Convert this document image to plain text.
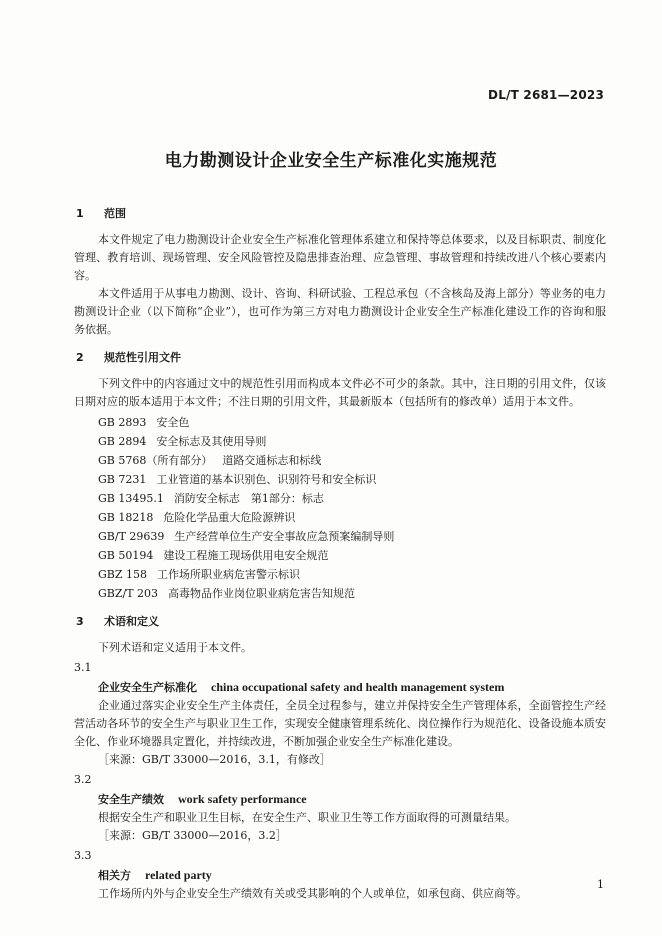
DL/T 2681—2023
电力勘测设计企业安全生产标准化实施规范
1 范围

本文件规定了电力勘测设计企业安全生产标准化管理体系建立和保持等总体要求，以及目标职责、制度化管理、教育培训、现场管理、安全风险管控及隐患排查治理、应急管理、事故管理和持续改进八个核心要素内容。

本文件适用于从事电力勘测、设计、咨询、科研试验、工程总承包（不含核岛及海上部分）等业务的电力勘测设计企业（以下简称“企业”），也可作为第三方对电力勘测设计企业安全生产标准化建设工作的咨询和服务依据。

2 规范性引用文件

下列文件中的内容通过文中的规范性引用而构成本文件必不可少的条款。其中，注日期的引用文件，仅该日期对应的版本适用于本文件；不注日期的引用文件，其最新版本（包括所有的修改单）适用于本文件。

GB 2893 安全色
GB 2894 安全标志及其使用导则
GB 5768（所有部分） 道路交通标志和标线
GB 7231 工业管道的基本识别色、识别符号和安全标识
GB 13495.1 消防安全标志　第1部分：标志
GB 18218 危险化学品重大危险源辨识
GB/T 29639 生产经营单位生产安全事故应急预案编制导则
GB 50194 建设工程施工现场供用电安全规范
GBZ 158 工作场所职业病危害警示标识
GBZ/T 203 高毒物品作业岗位职业病危害告知规范
3 术语和定义

下列术语和定义适用于本文件。

3.1
企业安全生产标准化 china occupational safety and health management system

企业通过落实企业安全生产主体责任，全员全过程参与，建立并保持安全生产管理体系，全面管控生产经营活动各环节的安全生产与职业卫生工作，实现安全健康管理系统化、岗位操作行为规范化、设备设施本质安全化、作业环境器具定置化，并持续改进，不断加强企业安全生产标准化建设。

［来源：GB/T 33000—2016，3.1，有修改］
3.2
安全生产绩效 work safety performance

根据安全生产和职业卫生目标，在安全生产、职业卫生等工作方面取得的可测量结果。

［来源：GB/T 33000—2016，3.2］
3.3
相关方 related party

工作场所内外与企业安全生产绩效有关或受其影响的个人或单位，如承包商、供应商等。

1
